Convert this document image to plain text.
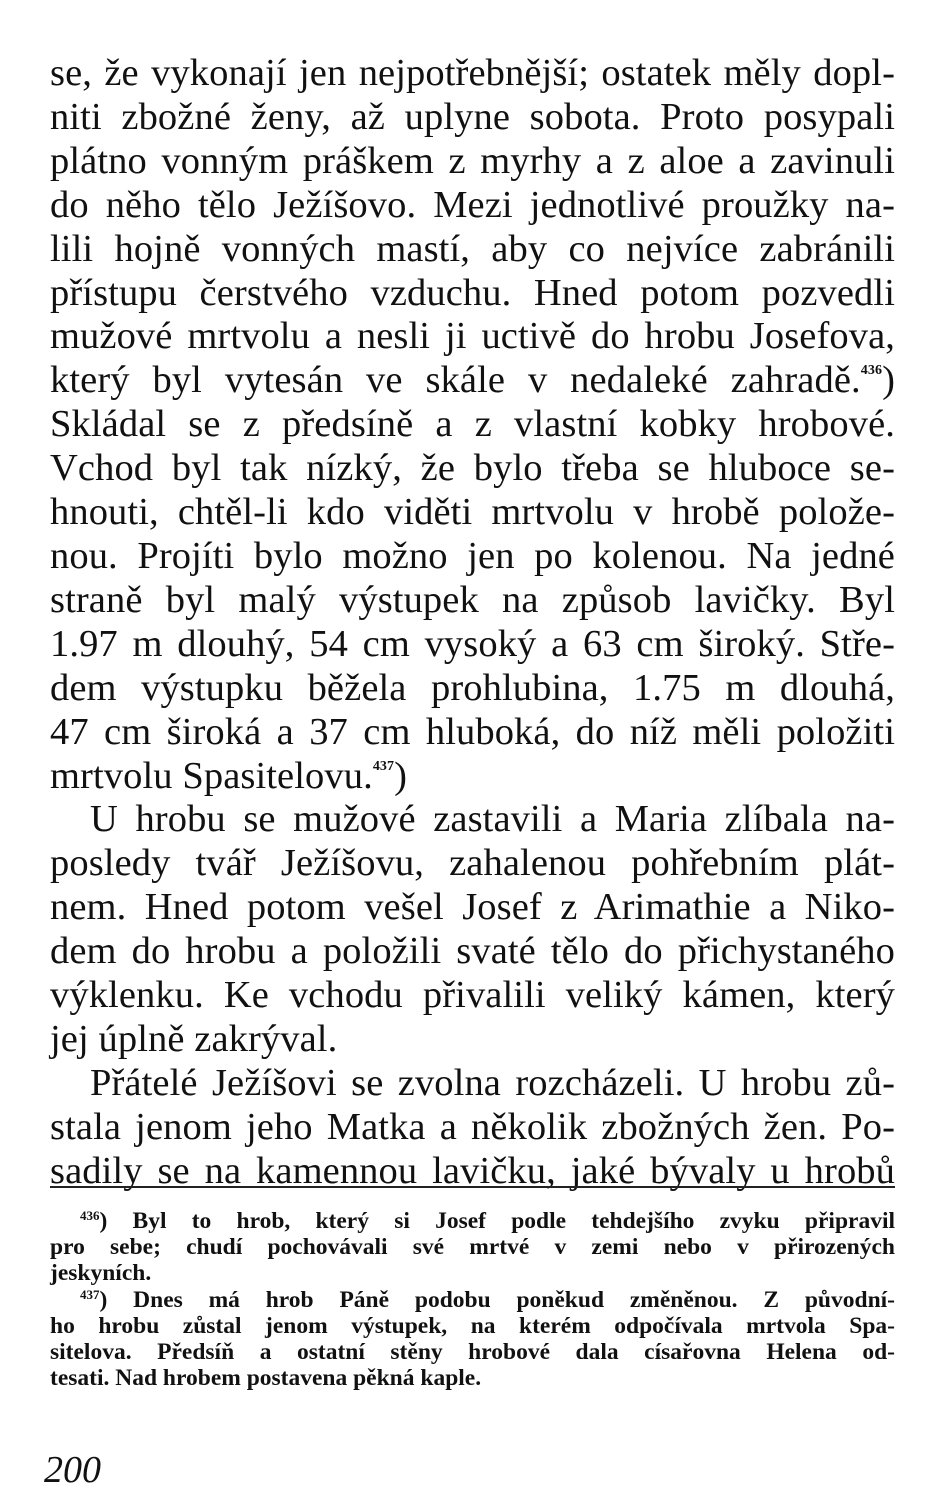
se, že vykonají jen nejpotřebnější; ostatek měly dopl-
niti zbožné ženy, až uplyne sobota. Proto posypali
plátno vonným práškem z myrhy a z aloe a zavinuli
do něho tělo Ježíšovo. Mezi jednotlivé proužky na-
lili hojně vonných mastí, aby co nejvíce zabránili
přístupu čerstvého vzduchu. Hned potom pozvedli
mužové mrtvolu a nesli ji uctivě do hrobu Josefova,
který byl vytesán ve skále v nedaleké zahradě.$^{436}$)
Skládal se z předsíně a z vlastní kobky hrobové.
Vchod byl tak nízký, že bylo třeba se hluboce se-
hnouti, chtěl-li kdo viděti mrtvolu v hrobě polože-
nou. Projíti bylo možno jen po kolenou. Na jedné
straně byl malý výstupek na způsob lavičky. Byl
1.97 m dlouhý, 54 cm vysoký a 63 cm široký. Stře-
dem výstupku běžela prohlubina, 1.75 m dlouhá,
47 cm široká a 37 cm hluboká, do níž měli položiti
mrtvolu Spasitelovu.$^{437}$)

U hrobu se mužové zastavili a Maria zlíbala na-
posledy tvář Ježíšovu, zahalenou pohřebním plát-
nem. Hned potom vešel Josef z Arimathie a Niko-
dem do hrobu a položili svaté tělo do přichystaného
výklenku. Ke vchodu přivalili veliký kámen, který
jej úplně zakrýval.

Přátelé Ježíšovi se zvolna rozcházeli. U hrobu zů-
stala jenom jeho Matka a několik zbožných žen. Po-
sadily se na kamennou lavičku, jaké bývaly u hrobů

$^{436}$) Byl to hrob, který si Josef podle tehdejšího zvyku připravil
pro sebe; chudí pochovávali své mrtvé v zemi nebo v přirozených
jeskyních.

$^{437}$) Dnes má hrob Páně podobu poněkud změněnou. Z původní-
ho hrobu zůstal jenom výstupek, na kterém odpočívala mrtvola Spa-
sitelova. Předsíň a ostatní stěny hrobové dala císařovna Helena od-
tesati. Nad hrobem postavena pěkná kaple.

200
